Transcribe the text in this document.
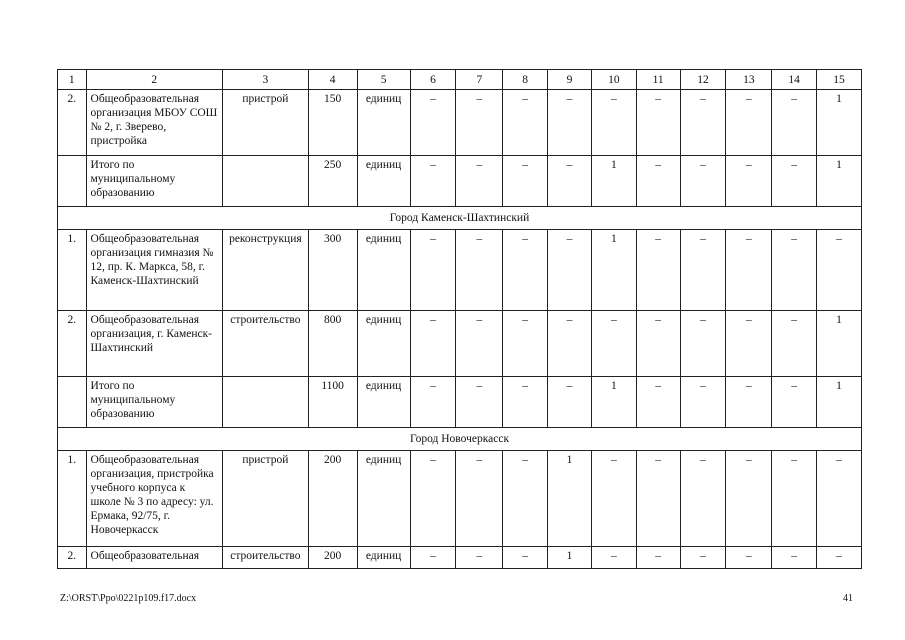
1	2	3	4	5	6	7	8	9	10	11	12	13	14	15
2.	Общеобразовательная организация МБОУ СОШ № 2, г. Зверево, пристройка	пристрой	150	единиц	–	–	–	–	–	–	–	–	–	1
	Итого по муниципальному образованию		250	единиц	–	–	–	–	1	–	–	–	–	1
Город Каменск-Шахтинский														
1.	Общеобразовательная организация гимназия № 12, пр. К. Маркса, 58, г. Каменск-Шахтинский	реконструкция	300	единиц	–	–	–	–	1	–	–	–	–	–
2.	Общеобразовательная организация, г. Каменск-Шахтинский	строительство	800	единиц	–	–	–	–	–	–	–	–	–	1
	Итого по муниципальному образованию		1100	единиц	–	–	–	–	1	–	–	–	–	1
Город Новочеркасск														
1.	Общеобразовательная организация, пристройка учебного корпуса к школе № 3 по адресу: ул. Ермака, 92/75, г. Новочеркасск	пристрой	200	единиц	–	–	–	1	–	–	–	–	–	–
2.	Общеобразовательная	строительство	200	единиц	–	–	–	1	–	–	–	–	–	–
Z:\ORST\Ppo\0221p109.f17.docx	41
